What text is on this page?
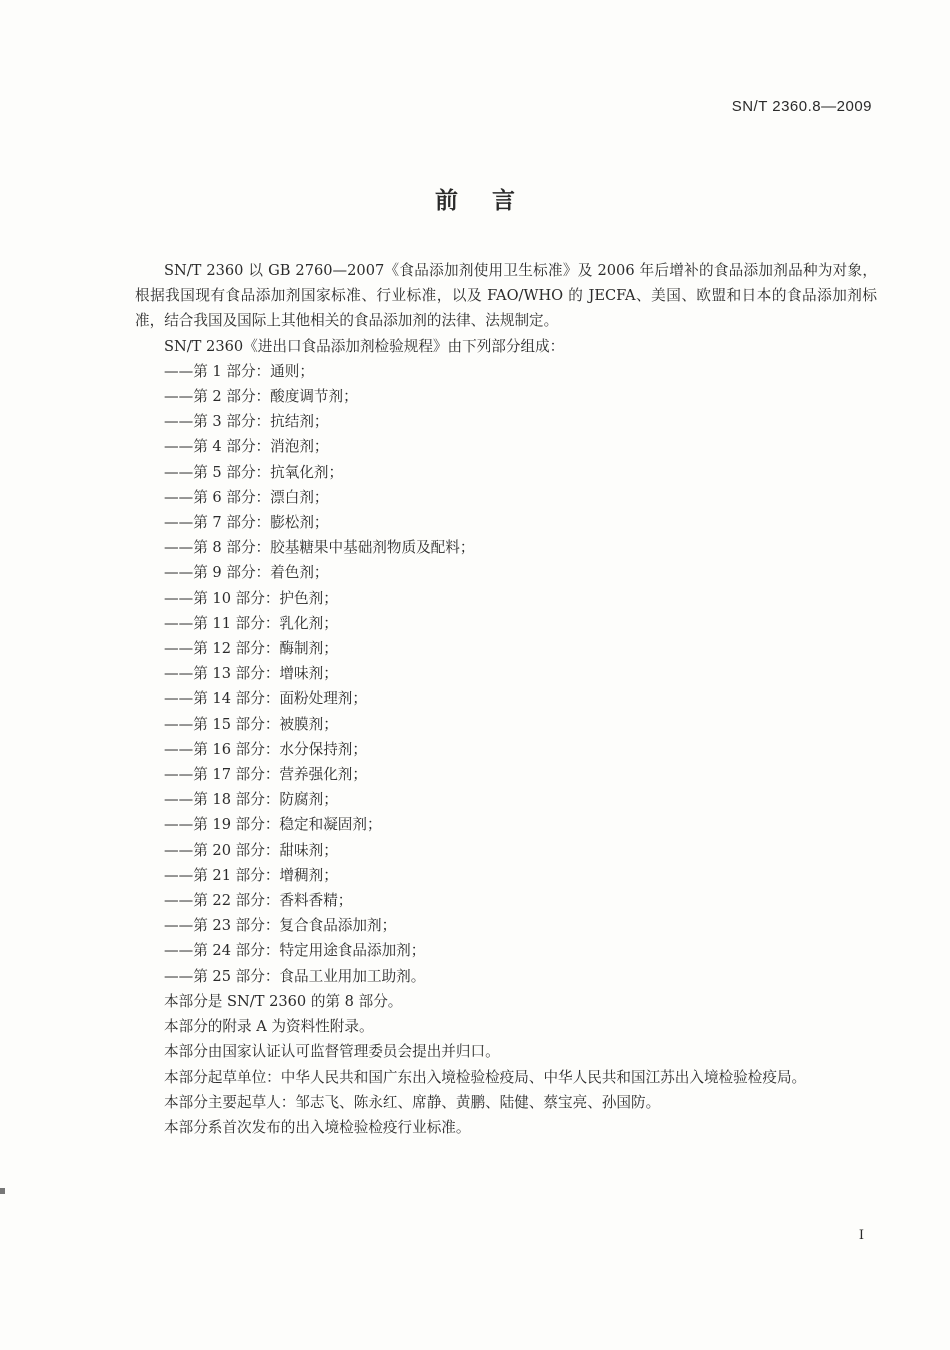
SN/T 2360.8—2009
前言

SN/T 2360 以 GB 2760—2007《食品添加剂使用卫生标准》及 2006 年后增补的食品添加剂品种为对象，根据我国现有食品添加剂国家标准、行业标准，以及 FAO/WHO 的 JECFA、美国、欧盟和日本的食品添加剂标准，结合我国及国际上其他相关的食品添加剂的法律、法规制定。

SN/T 2360《进出口食品添加剂检验规程》由下列部分组成：

——第 1 部分：通则；
——第 2 部分：酸度调节剂；
——第 3 部分：抗结剂；
——第 4 部分：消泡剂；
——第 5 部分：抗氧化剂；
——第 6 部分：漂白剂；
——第 7 部分：膨松剂；
——第 8 部分：胶基糖果中基础剂物质及配料；
——第 9 部分：着色剂；
——第 10 部分：护色剂；
——第 11 部分：乳化剂；
——第 12 部分：酶制剂；
——第 13 部分：增味剂；
——第 14 部分：面粉处理剂；
——第 15 部分：被膜剂；
——第 16 部分：水分保持剂；
——第 17 部分：营养强化剂；
——第 18 部分：防腐剂；
——第 19 部分：稳定和凝固剂；
——第 20 部分：甜味剂；
——第 21 部分：增稠剂；
——第 22 部分：香料香精；
——第 23 部分：复合食品添加剂；
——第 24 部分：特定用途食品添加剂；
——第 25 部分：食品工业用加工助剂。

本部分是 SN/T 2360 的第 8 部分。

本部分的附录 A 为资料性附录。

本部分由国家认证认可监督管理委员会提出并归口。

本部分起草单位：中华人民共和国广东出入境检验检疫局、中华人民共和国江苏出入境检验检疫局。

本部分主要起草人：邹志飞、陈永红、席静、黄鹏、陆健、蔡宝亮、孙国防。

本部分系首次发布的出入境检验检疫行业标准。

I
